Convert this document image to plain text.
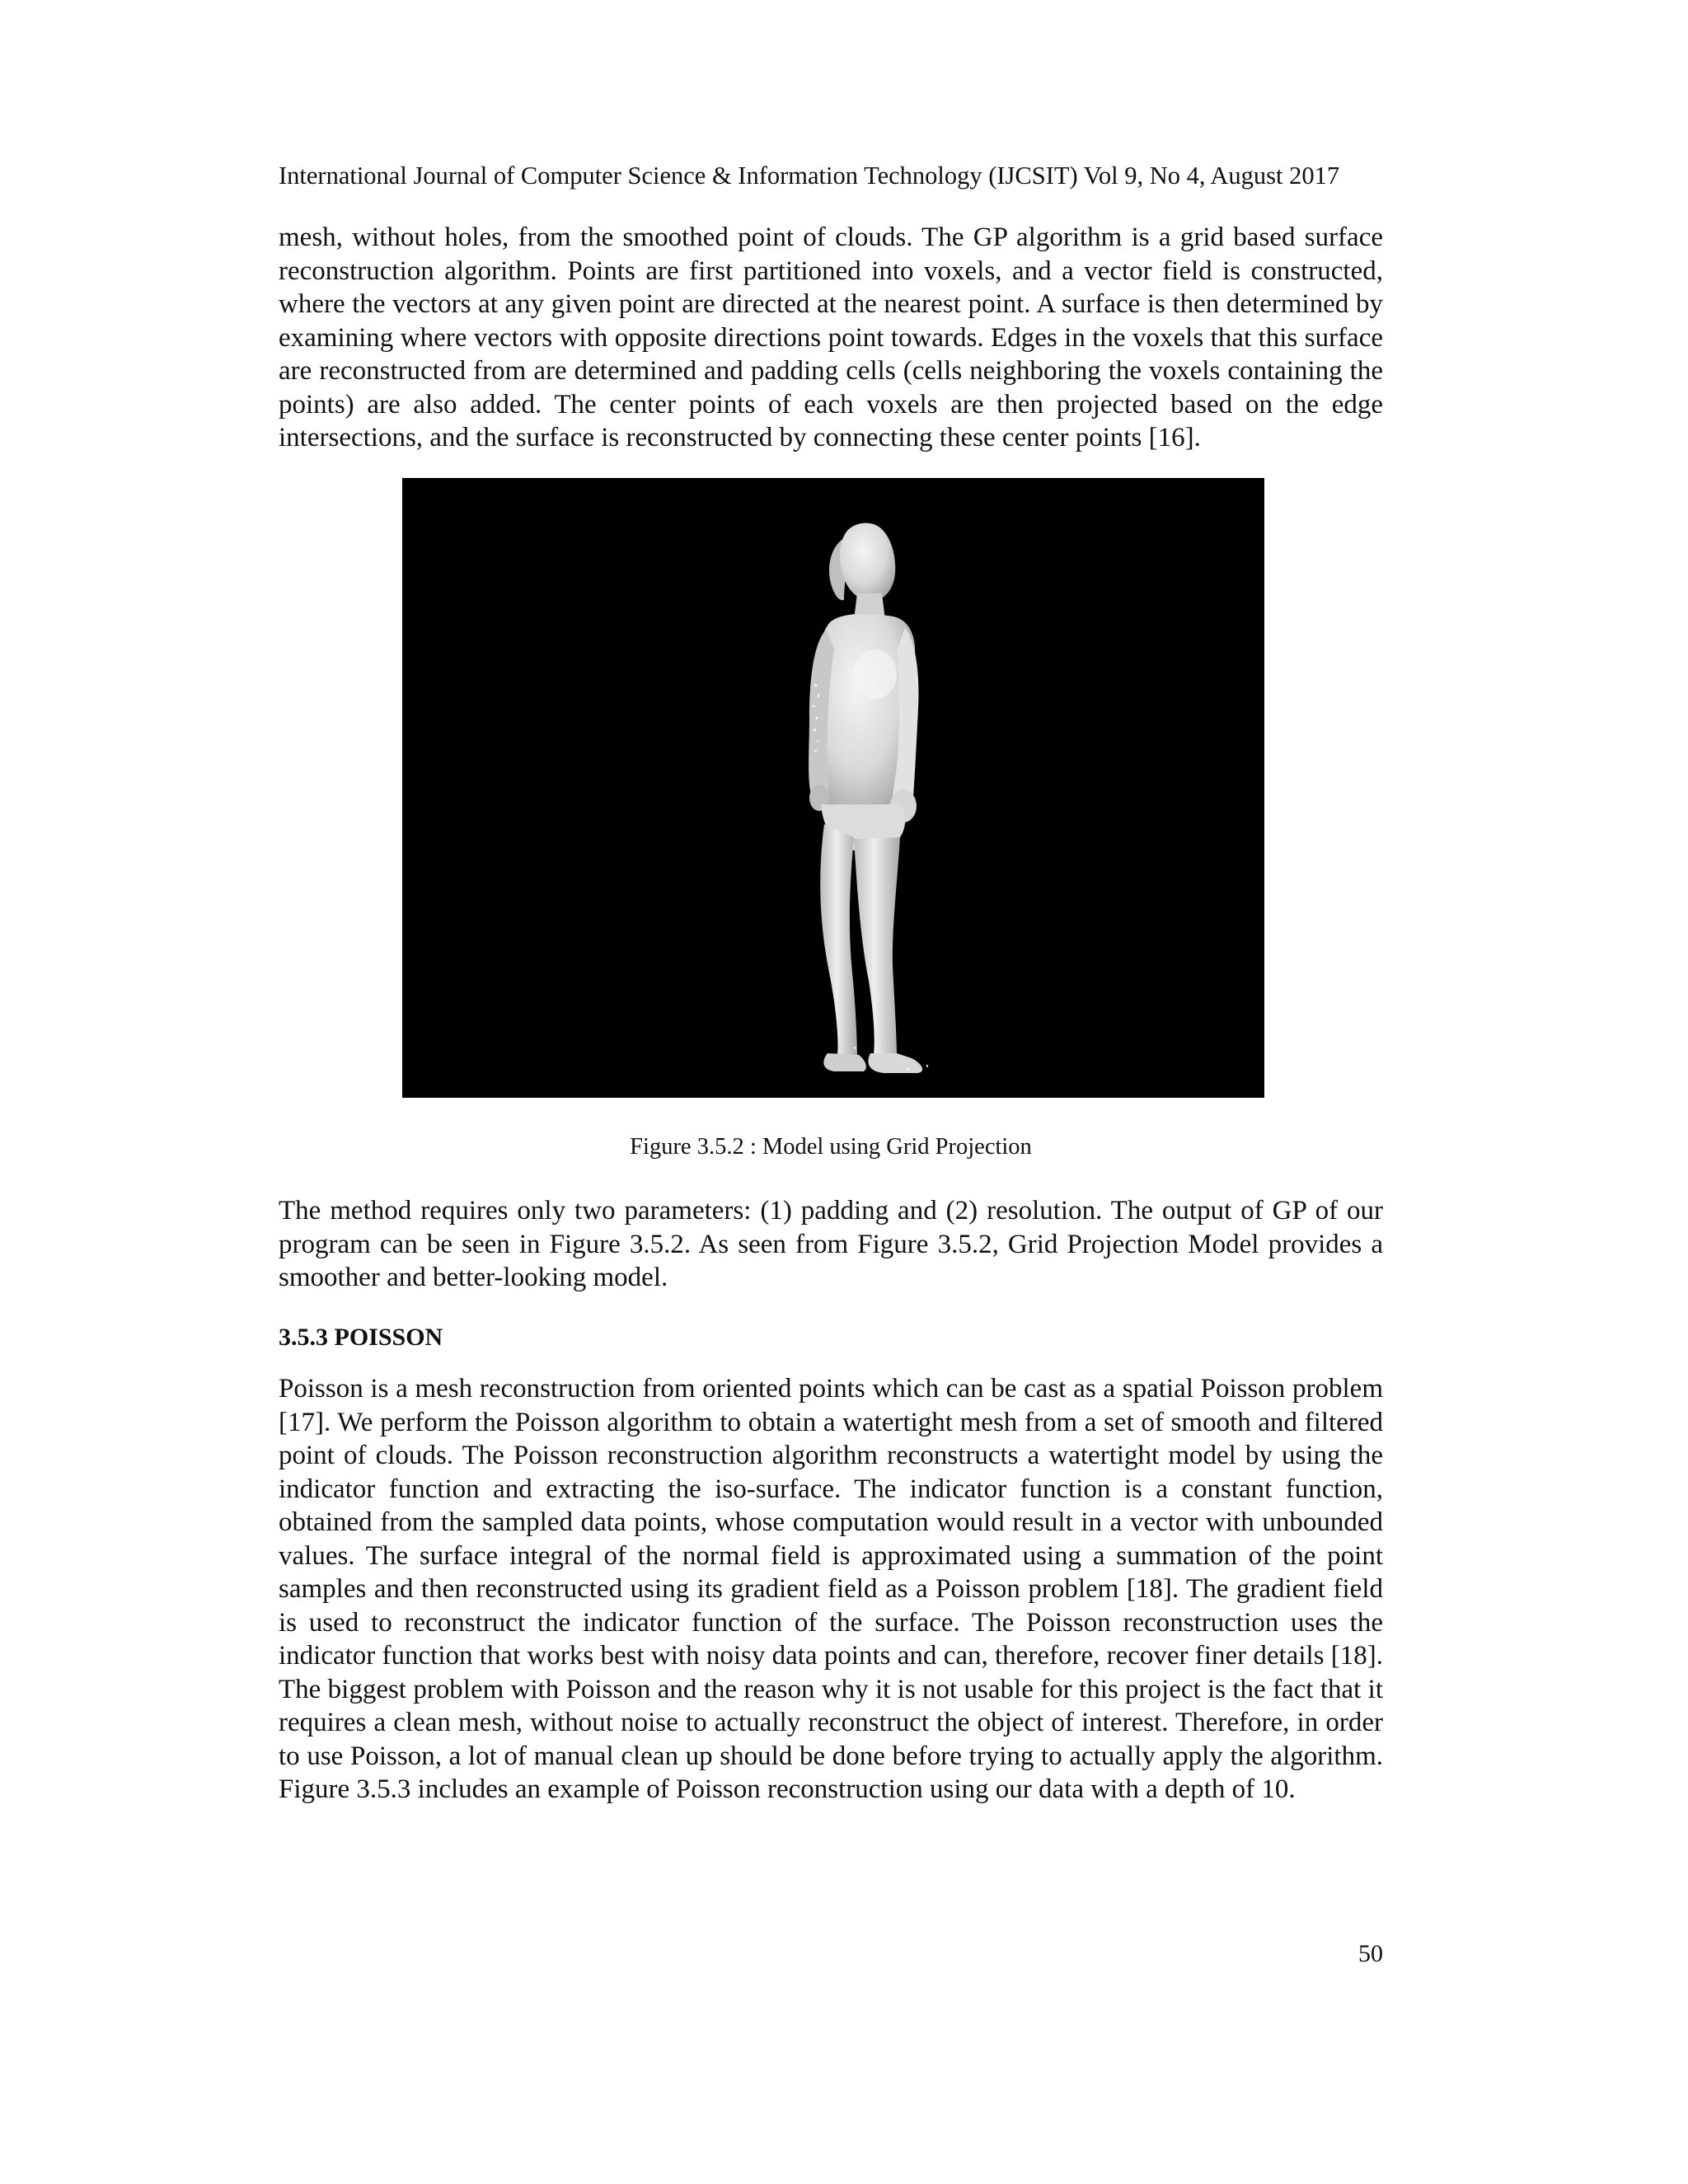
International Journal of Computer Science & Information Technology (IJCSIT) Vol 9, No 4, August 2017

mesh, without holes, from the smoothed point of clouds. The GP algorithm is a grid based surface reconstruction algorithm. Points are first partitioned into voxels, and a vector field is constructed, where the vectors at any given point are directed at the nearest point. A surface is then determined by examining where vectors with opposite directions point towards. Edges in the voxels that this surface are reconstructed from are determined and padding cells (cells neighboring the voxels containing the points) are also added. The center points of each voxels are then projected based on the edge intersections, and the surface is reconstructed by connecting these center points [16].

Figure 3.5.2 : Model using Grid Projection

The method requires only two parameters: (1) padding and (2) resolution. The output of GP of our program can be seen in Figure 3.5.2. As seen from Figure 3.5.2, Grid Projection Model provides a smoother and better-looking model.

3.5.3 POISSON

Poisson is a mesh reconstruction from oriented points which can be cast as a spatial Poisson problem [17]. We perform the Poisson algorithm to obtain a watertight mesh from a set of smooth and filtered point of clouds. The Poisson reconstruction algorithm reconstructs a watertight model by using the indicator function and extracting the iso-surface. The indicator function is a constant function, obtained from the sampled data points, whose computation would result in a vector with unbounded values. The surface integral of the normal field is approximated using a summation of the point samples and then reconstructed using its gradient field as a Poisson problem [18]. The gradient field is used to reconstruct the indicator function of the surface. The Poisson reconstruction uses the indicator function that works best with noisy data points and can, therefore, recover finer details [18]. The biggest problem with Poisson and the reason why it is not usable for this project is the fact that it requires a clean mesh, without noise to actually reconstruct the object of interest. Therefore, in order to use Poisson, a lot of manual clean up should be done before trying to actually apply the algorithm. Figure 3.5.3 includes an example of Poisson reconstruction using our data with a depth of 10.

50
